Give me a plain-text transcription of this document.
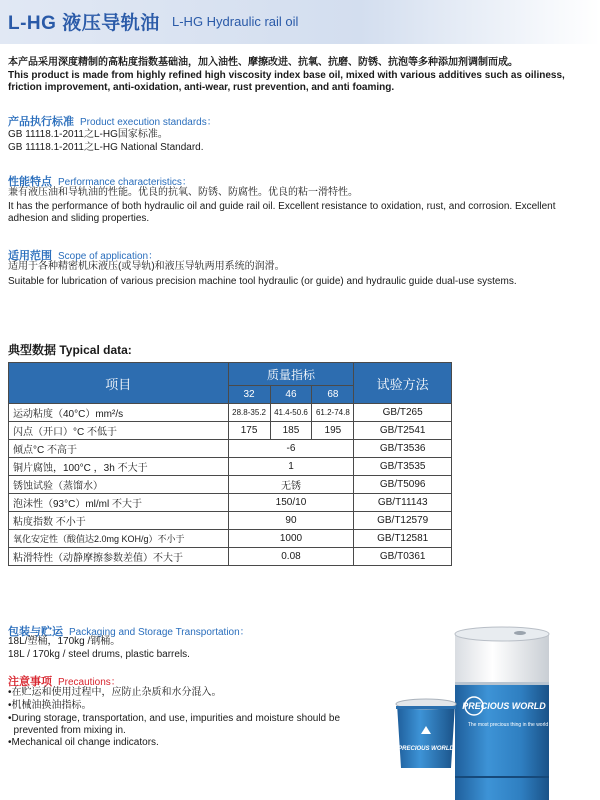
L-HG 液压导轨油 L-HG Hydraulic rail oil
本产品采用深度精制的高粘度指数基础油，加入油性、摩擦改进、抗氧、抗磨、防锈、抗泡等多种添加剂调制而成。
This product is made from highly refined high viscosity index base oil, mixed with various additives such as oiliness, friction improvement, anti-oxidation, anti-wear, rust prevention, and anti foaming.
产品执行标准 Product execution standards：
GB 11118.1-2011之L-HG国家标准。
GB 11118.1-2011之L-HG National Standard.
性能特点 Performance characteristics：
兼有液压油和导轨油的性能。优良的抗氧、防锈、防腐性。优良的粘一滑特性。
It has the performance of both hydraulic oil and guide rail oil. Excellent resistance to oxidation, rust, and corrosion. Excellent adhesion and sliding properties.
适用范围 Scope of application：
适用于各种精密机床液压(或导轨)和液压导轨两用系统的润滑。
Suitable for lubrication of various precision machine tool hydraulic (or guide) and hydraulic guide dual-use systems.
典型数据 Typical data:
项目	质量指标			试验方法
	32	46	68	
运动粘度（40°C）mm²/s	28.8-35.2	41.4-50.6	61.2-74.8	GB/T265
闪点（开口）°C 不低于	175	185	195	GB/T2541
倾点°C 不高于	-6			GB/T3536
铜片腐蚀，100°C ，3h 不大于	1			GB/T3535
锈蚀试验（蒸馏水）	无锈			GB/T5096
泡沫性（93°C）ml/ml 不大于	150/10			GB/T11143
粘度指数 不小于	90			GB/T12579
氧化安定性（酸值达2.0mg KOH/g）不小于	1000			GB/T12581
粘滑特性（动静摩擦参数差值）不大于	0.08			GB/T0361
包装与贮运 Packaging and Storage Transportation：
18L/塑桶，170kg /钢桶。
18L / 170kg / steel drums, plastic barrels.
注意事项 Precautions：
•在贮运和使用过程中，应防止杂质和水分混入。
•机械油换油指标。
•During storage, transportation, and use, impurities and moisture should be
prevented from mixing in.
•Mechanical oil change indicators.
PRECIOUS WORLD
The most precious thing in the world
PRECIOUS WORLD
